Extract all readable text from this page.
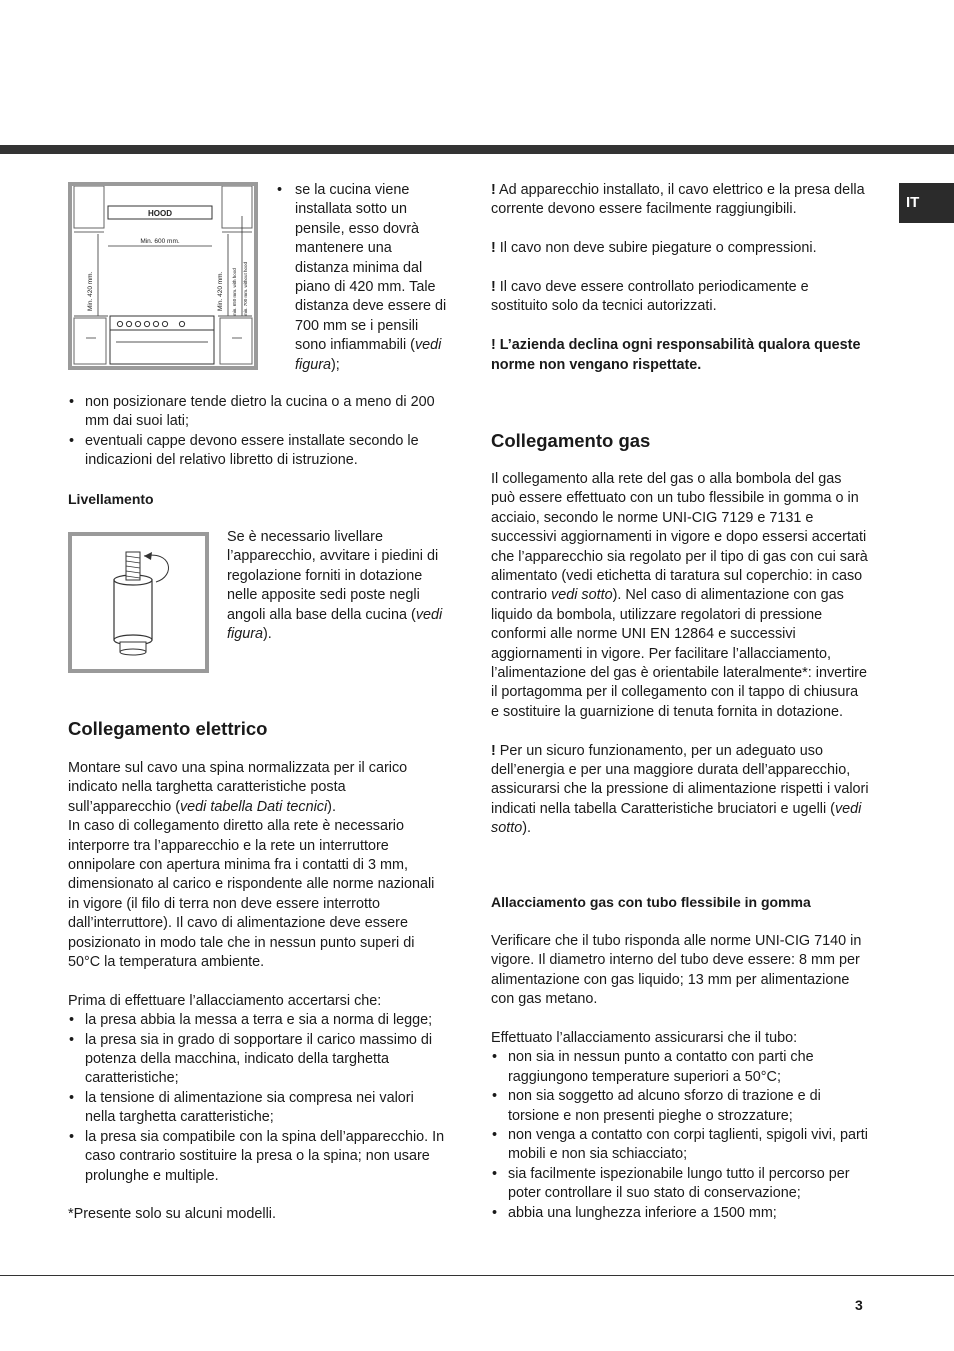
IT
HOOD
Min. 600 mm.
Min. 420 mm.	Min. 420 mm. min. 650 mm. with hood min. 700 mm. without hood

• se la cucina viene installata sotto un pensile, esso dovrà mantenere una distanza minima dal piano di 420 mm. Tale distanza deve essere di 700 mm se i pensili sono infiammabili (vedi figura);

• non posizionare tende dietro la cucina o a meno di 200 mm dai suoi lati;

• eventuali cappe devono essere installate secondo le indicazioni del relativo libretto di istruzione.

Livellamento

Se è necessario livellare l’apparecchio, avvitare i piedini di regolazione forniti in dotazione nelle apposite sedi poste negli angoli alla base della cucina (vedi figura).

Collegamento elettrico

Montare sul cavo una spina normalizzata per il carico indicato nella targhetta caratteristiche posta sull’apparecchio (vedi tabella Dati tecnici).

In caso di collegamento diretto alla rete è necessario interporre tra l’apparecchio e la rete un interruttore onnipolare con apertura minima fra i contatti di 3 mm, dimensionato al carico e rispondente alle norme nazionali in vigore (il filo di terra non deve essere interrotto dall’interruttore). Il cavo di alimentazione deve essere posizionato in modo tale che in nessun punto superi di 50°C la temperatura ambiente.

Prima di effettuare l’allacciamento accertarsi che:

• la presa abbia la messa a terra e sia a norma di legge;

• la presa sia in grado di sopportare il carico massimo di potenza della macchina, indicato della targhetta caratteristiche;

• la tensione di alimentazione sia compresa nei valori nella targhetta caratteristiche;

• la presa sia compatibile con la spina dell’apparecchio. In caso contrario sostituire la presa o la spina; non usare prolunghe e multiple.

*Presente solo su alcuni modelli.

! Ad apparecchio installato, il cavo elettrico e la presa della corrente devono essere facilmente raggiungibili.

! Il cavo non deve subire piegature o compressioni.

! Il cavo deve essere controllato periodicamente e sostituito solo da tecnici autorizzati.

! L’azienda declina ogni responsabilità qualora queste norme non vengano rispettate.

Collegamento gas

Il collegamento alla rete del gas o alla bombola del gas può essere effettuato con un tubo flessibile in gomma o in acciaio, secondo le norme UNI-CIG 7129 e 7131 e successivi aggiornamenti in vigore e dopo essersi accertati che l’apparecchio sia regolato per il tipo di gas con cui sarà alimentato (vedi etichetta di taratura sul coperchio: in caso contrario vedi sotto). Nel caso di alimentazione con gas liquido da bombola, utilizzare regolatori di pressione conformi alle norme UNI EN 12864 e successivi aggiornamenti in vigore. Per facilitare l’allacciamento, l’alimentazione del gas è orientabile lateralmente*: invertire il portagomma per il collegamento con il tappo di chiusura e sostituire la guarnizione di tenuta fornita in dotazione.

! Per un sicuro funzionamento, per un adeguato uso dell’energia e per una maggiore durata dell’apparecchio, assicurarsi che la pressione di alimentazione rispetti i valori indicati nella tabella Caratteristiche bruciatori e ugelli (vedi sotto).

Allacciamento gas con tubo flessibile in gomma

Verificare che il tubo risponda alle norme UNI-CIG 7140 in vigore. Il diametro interno del tubo deve essere: 8 mm per alimentazione con gas liquido; 13 mm per alimentazione con gas metano.

Effettuato l’allacciamento assicurarsi che il tubo:

• non sia in nessun punto a contatto con parti che raggiungono temperature superiori a 50°C;

• non sia soggetto ad alcuno sforzo di trazione e di torsione e non presenti pieghe o strozzature;

• non venga a contatto con corpi taglienti, spigoli vivi, parti mobili e non sia schiacciato;

• sia facilmente ispezionabile lungo tutto il percorso per poter controllare il suo stato di conservazione;

• abbia una lunghezza inferiore a 1500 mm;

3
